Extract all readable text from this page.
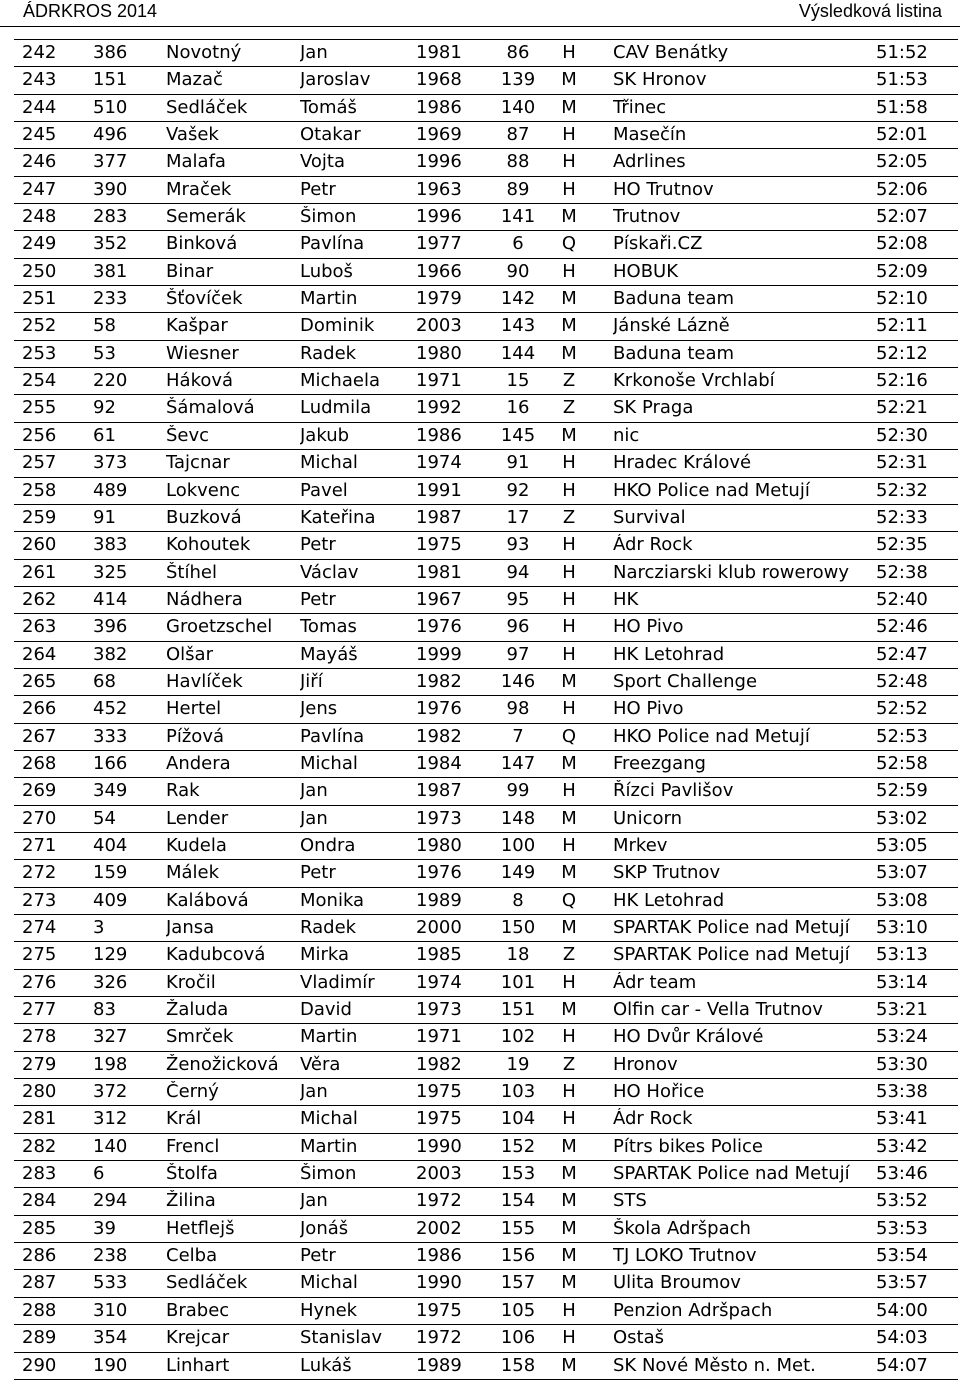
ÁDRKROS 2014	Výsledková listina
242	386	Novotný	Jan	1981	86	H	CAV Benátky	51:52
243	151	Mazač	Jaroslav	1968	139	M	SK Hronov	51:53
244	510	Sedláček	Tomáš	1986	140	M	Třinec	51:58
245	496	Vašek	Otakar	1969	87	H	Masečín	52:01
246	377	Malafa	Vojta	1996	88	H	Adrlines	52:05
247	390	Mraček	Petr	1963	89	H	HO Trutnov	52:06
248	283	Semerák	Šimon	1996	141	M	Trutnov	52:07
249	352	Binková	Pavlína	1977	6	Q	Pískaři.CZ	52:08
250	381	Binar	Luboš	1966	90	H	HOBUK	52:09
251	233	Šťovíček	Martin	1979	142	M	Baduna team	52:10
252	58	Kašpar	Dominik	2003	143	M	Jánské Lázně	52:11
253	53	Wiesner	Radek	1980	144	M	Baduna team	52:12
254	220	Háková	Michaela	1971	15	Z	Krkonoše Vrchlabí	52:16
255	92	Šámalová	Ludmila	1992	16	Z	SK Praga	52:21
256	61	Ševc	Jakub	1986	145	M	nic	52:30
257	373	Tajcnar	Michal	1974	91	H	Hradec Králové	52:31
258	489	Lokvenc	Pavel	1991	92	H	HKO Police nad Metují	52:32
259	91	Buzková	Kateřina	1987	17	Z	Survival	52:33
260	383	Kohoutek	Petr	1975	93	H	Ádr Rock	52:35
261	325	Štíhel	Václav	1981	94	H	Narcziarski klub rowerowy	52:38
262	414	Nádhera	Petr	1967	95	H	HK	52:40
263	396	Groetzschel	Tomas	1976	96	H	HO Pivo	52:46
264	382	Olšar	Mayáš	1999	97	H	HK Letohrad	52:47
265	68	Havlíček	Jiří	1982	146	M	Sport Challenge	52:48
266	452	Hertel	Jens	1976	98	H	HO Pivo	52:52
267	333	Pížová	Pavlína	1982	7	Q	HKO Police nad Metují	52:53
268	166	Andera	Michal	1984	147	M	Freezgang	52:58
269	349	Rak	Jan	1987	99	H	Řízci Pavlišov	52:59
270	54	Lender	Jan	1973	148	M	Unicorn	53:02
271	404	Kudela	Ondra	1980	100	H	Mrkev	53:05
272	159	Málek	Petr	1976	149	M	SKP Trutnov	53:07
273	409	Kalábová	Monika	1989	8	Q	HK Letohrad	53:08
274	3	Jansa	Radek	2000	150	M	SPARTAK Police nad Metují	53:10
275	129	Kadubcová	Mirka	1985	18	Z	SPARTAK Police nad Metují	53:13
276	326	Kročil	Vladimír	1974	101	H	Ádr team	53:14
277	83	Žaluda	David	1973	151	M	Olfin car - Vella Trutnov	53:21
278	327	Smrček	Martin	1971	102	H	HO Dvůr Králové	53:24
279	198	Ženožicková	Věra	1982	19	Z	Hronov	53:30
280	372	Černý	Jan	1975	103	H	HO Hořice	53:38
281	312	Král	Michal	1975	104	H	Ádr Rock	53:41
282	140	Frencl	Martin	1990	152	M	Pítrs bikes Police	53:42
283	6	Štolfa	Šimon	2003	153	M	SPARTAK Police nad Metují	53:46
284	294	Žilina	Jan	1972	154	M	STS	53:52
285	39	Hetflejš	Jonáš	2002	155	M	Škola Adršpach	53:53
286	238	Celba	Petr	1986	156	M	TJ LOKO Trutnov	53:54
287	533	Sedláček	Michal	1990	157	M	Ulita Broumov	53:57
288	310	Brabec	Hynek	1975	105	H	Penzion Adršpach	54:00
289	354	Krejcar	Stanislav	1972	106	H	Ostaš	54:03
290	190	Linhart	Lukáš	1989	158	M	SK Nové Město n. Met.	54:07
